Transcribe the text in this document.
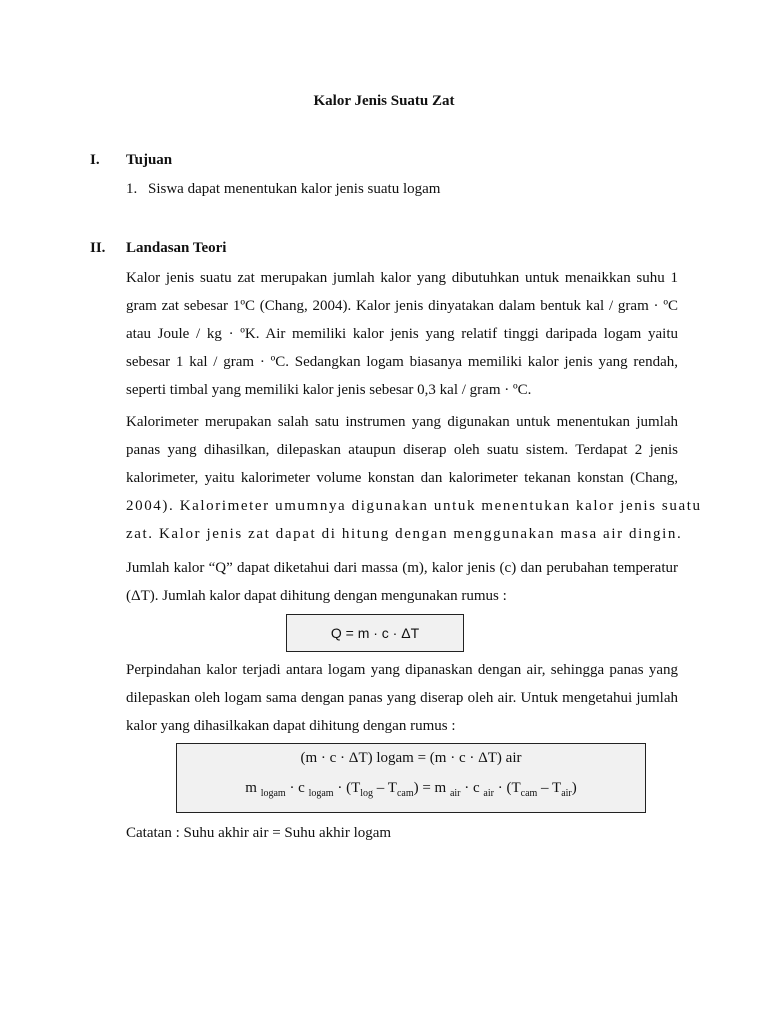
Kalor Jenis Suatu Zat
I. Tujuan
1. Siswa dapat menentukan kalor jenis suatu logam
II. Landasan Teori
Kalor jenis suatu zat merupakan jumlah kalor yang dibutuhkan untuk menaikkan suhu 1
gram zat sebesar 1ºC (Chang, 2004). Kalor jenis dinyatakan dalam bentuk kal / gram · ºC
atau Joule / kg · ºK. Air memiliki kalor jenis yang relatif tinggi daripada logam yaitu
sebesar 1 kal / gram · ºC. Sedangkan logam biasanya memiliki kalor jenis yang rendah,
seperti timbal yang memiliki kalor jenis sebesar 0,3 kal / gram · ºC.
Kalorimeter merupakan salah satu instrumen yang digunakan untuk menentukan jumlah
panas yang dihasilkan, dilepaskan ataupun diserap oleh suatu sistem. Terdapat 2 jenis
kalorimeter, yaitu kalorimeter volume konstan dan kalorimeter tekanan konstan (Chang,
2004). Kalorimeter umumnya digunakan untuk menentukan kalor jenis suatu
zat. Kalor jenis zat dapat di hitung dengan menggunakan masa air dingin.
Jumlah kalor “Q” dapat diketahui dari massa (m), kalor jenis (c) dan perubahan temperatur
(ΔT). Jumlah kalor dapat dihitung dengan mengunakan rumus :
Q = m · c · ΔT
Perpindahan kalor terjadi antara logam yang dipanaskan dengan air, sehingga panas yang
dilepaskan oleh logam sama dengan panas yang diserap oleh air. Untuk mengetahui jumlah
kalor yang dihasilkakan dapat dihitung dengan rumus :
(m · c · ΔT) logam = (m · c · ΔT) air
m $_{logam}$ · c $_{logam} \cdot (T_{log} - T_{cam}) = m$ $_{air}$ · c $_{air} \cdot (T_{cam} - T_{air})$
Catatan : Suhu akhir air = Suhu akhir logam
